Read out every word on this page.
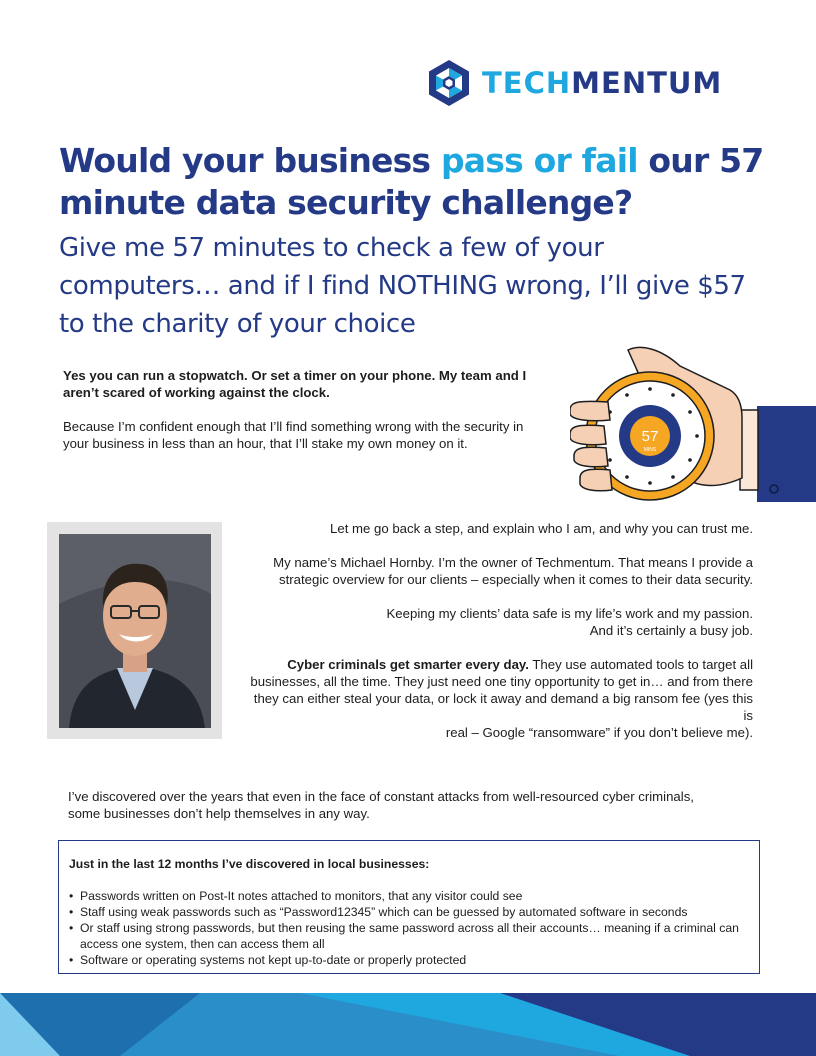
TECHMENTUM
Would your business pass or fail our 57 minute data security challenge?
Give me 57 minutes to check a few of your computers… and if I find NOTHING wrong, I’ll give $57 to the charity of your choice

Yes you can run a stopwatch. Or set a timer on your phone. My team and I aren’t scared of working against the clock.

Because I’m confident enough that I’ll find something wrong with the security in your business in less than an hour, that I’ll stake my own money on it.	57
MINS

Let me go back a step, and explain who I am, and why you can trust me.

My name’s Michael Hornby. I’m the owner of Techmentum. That means I provide a strategic overview for our clients – especially when it comes to their data security.

Keeping my clients’ data safe is my life’s work and my passion.
And it’s certainly a busy job.

Cyber criminals get smarter every day. They use automated tools to target all businesses, all the time. They just need one tiny opportunity to get in… and from there they can either steal your data, or lock it away and demand a big ransom fee (yes this is
real – Google “ransomware” if you don’t believe me).

I’ve discovered over the years that even in the face of constant attacks from well-resourced cyber criminals, some businesses don’t help themselves in any way.
Just in the last 12 months I’ve discovered in local businesses:
• Passwords written on Post-It notes attached to monitors, that any visitor could see
• Staff using weak passwords such as “Password12345” which can be guessed by automated software in seconds
• Or staff using strong passwords, but then reusing the same password across all their accounts… meaning if a criminal can access one system, then can access them all
• Software or operating systems not kept up-to-date or properly protected
